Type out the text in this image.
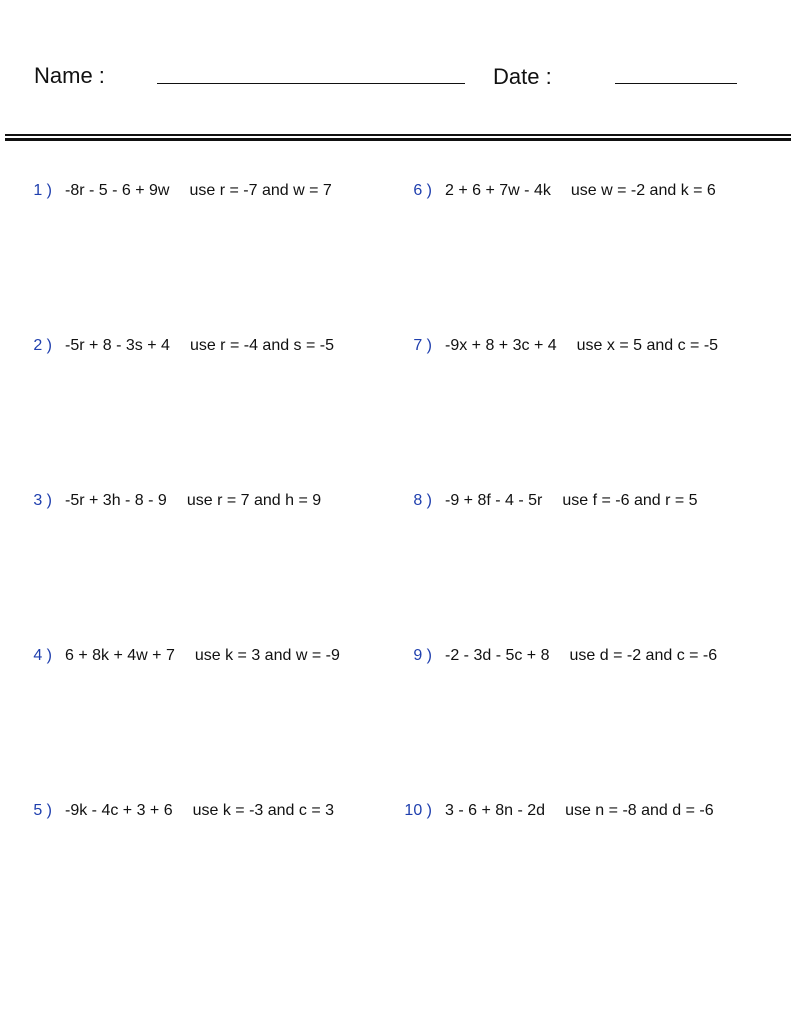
Name :	Date :
1 ) -8r - 5 - 6 + 9w use r = -7 and w = 7
2 ) -5r + 8 - 3s + 4 use r = -4 and s = -5
3 ) -5r + 3h - 8 - 9 use r = 7 and h = 9
4 ) 6 + 8k + 4w + 7 use k = 3 and w = -9
5 ) -9k - 4c + 3 + 6 use k = -3 and c = 3
6 ) 2 + 6 + 7w - 4k use w = -2 and k = 6
7 ) -9x + 8 + 3c + 4 use x = 5 and c = -5
8 ) -9 + 8f - 4 - 5r use f = -6 and r = 5
9 ) -2 - 3d - 5c + 8 use d = -2 and c = -6
10 ) 3 - 6 + 8n - 2d use n = -8 and d = -6
